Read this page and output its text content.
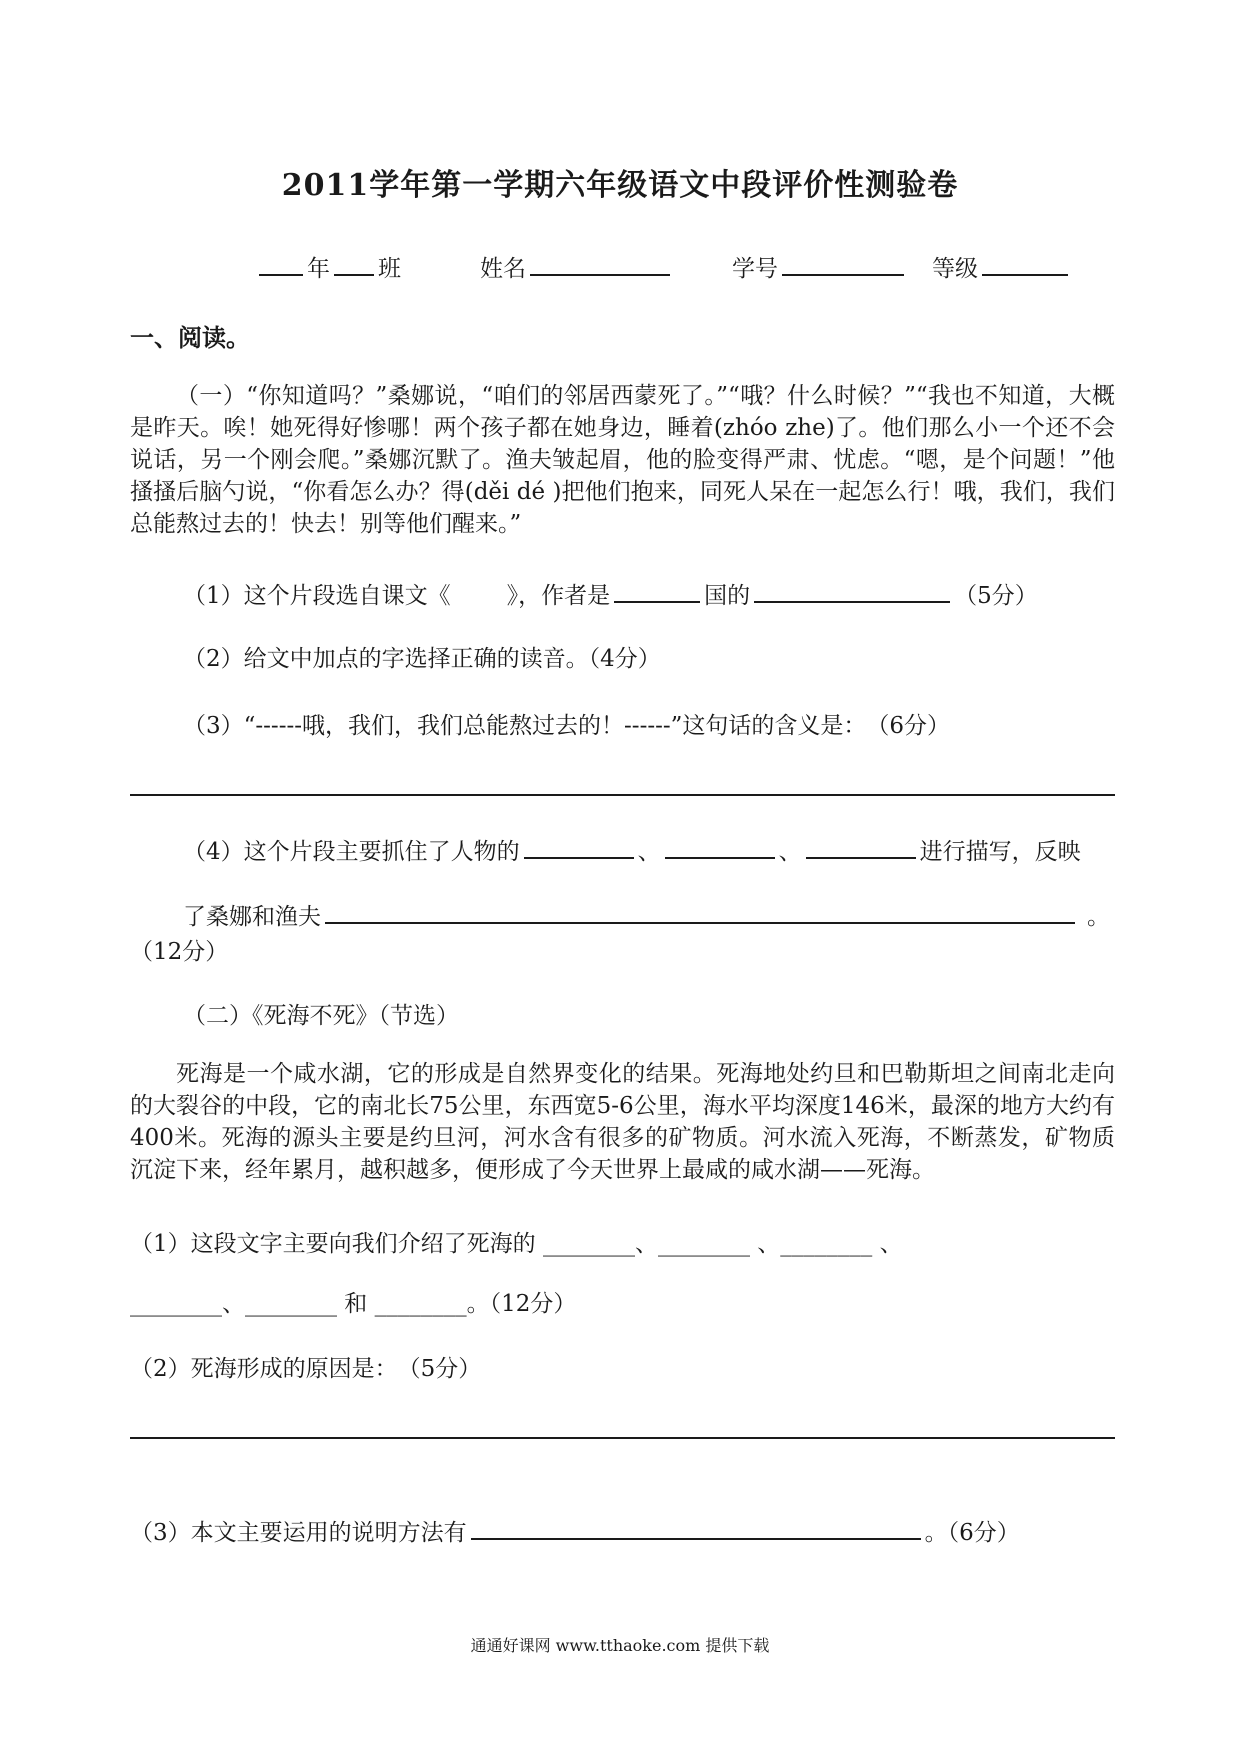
2011学年第一学期六年级语文中段评价性测验卷
年 班	姓名	学号	等级
一、阅读。
（一）“你知道吗？”桑娜说，“咱们的邻居西蒙死了。”“哦？什么时候？”“我也不知道，大概是昨天。唉！她死得好惨哪！两个孩子都在她身边，睡着(zhóo zhe)了。他们那么小一个还不会说话，另一个刚会爬。”桑娜沉默了。渔夫皱起眉，他的脸变得严肃、忧虑。“嗯，是个问题！”他搔搔后脑勺说，“你看怎么办？得(děi dé )把他们抱来，同死人呆在一起怎么行！哦，我们，我们总能熬过去的！快去！别等他们醒来。”
（1）这个片段选自课文《 》，作者是	国的	（5分）
（2）给文中加点的字选择正确的读音。（4分）
（3）“------哦，我们，我们总能熬过去的！------”这句话的含义是：　（6分）
（4）这个片段主要抓住了人物的	、	、	进行描写，反映
了桑娜和渔夫	。
（12分）
（二）《死海不死》（节选）
死海是一个咸水湖，它的形成是自然界变化的结果。死海地处约旦和巴勒斯坦之间南北走向的大裂谷的中段，它的南北长75公里，东西宽5-6公里，海水平均深度146米，最深的地方大约有 400米。死海的源头主要是约旦河，河水含有很多的矿物质。河水流入死海，不断蒸发，矿物质沉淀下来，经年累月，越积越多，便形成了今天世界上最咸的咸水湖——死海。
（1）这段文字主要向我们介绍了死海的 ________、________ 、________ 、
________、________ 和 ________。（12分）
（2）死海形成的原因是：　（5分）
（3）本文主要运用的说明方法有	。（6分）
通通好课网 www.tthaoke.com 提供下载
